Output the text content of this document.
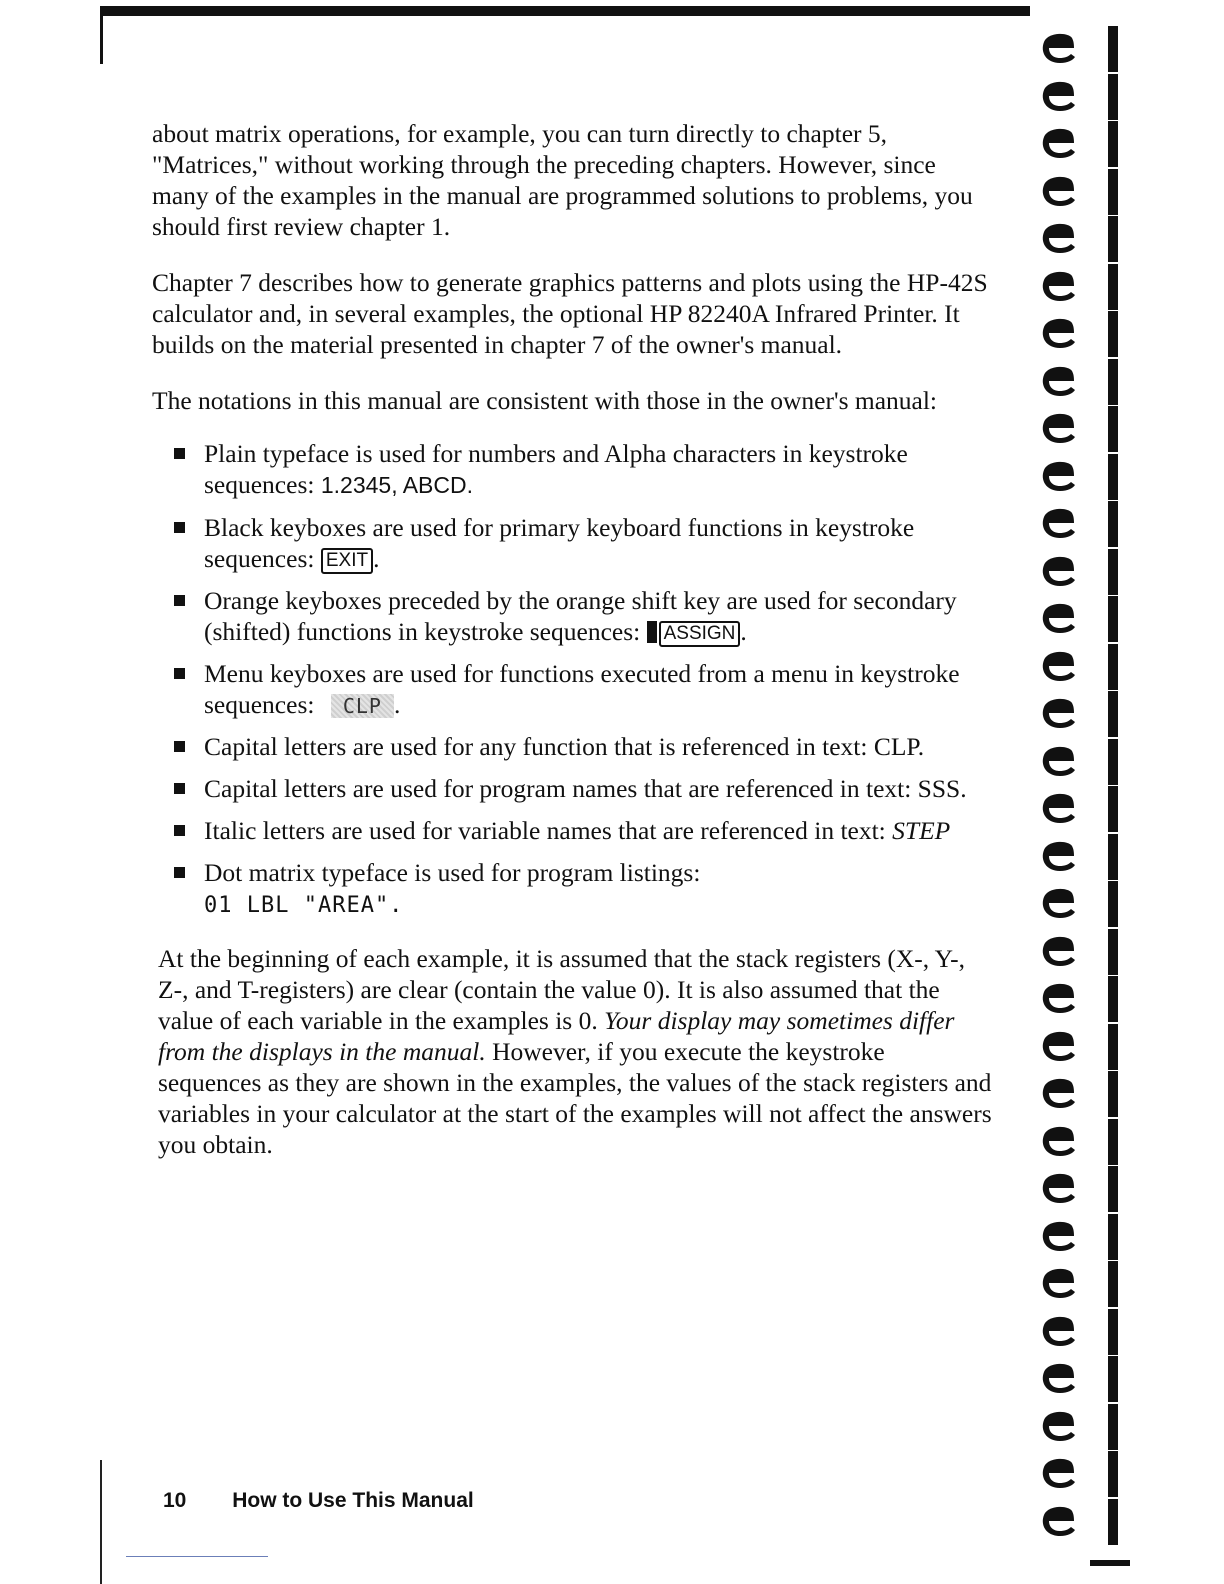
about matrix operations, for example, you can turn directly to chapter 5, "Matrices," without working through the preceding chapters. However, since many of the examples in the manual are programmed solutions to problems, you should first review chapter 1.

Chapter 7 describes how to generate graphics patterns and plots using the HP-42S calculator and, in several examples, the optional HP 82240A Infrared Printer. It builds on the material presented in chapter 7 of the owner's manual.

The notations in this manual are consistent with those in the owner's manual:

Plain typeface is used for numbers and Alpha characters in keystroke sequences: 1.2345, ABCD.
Black keyboxes are used for primary keyboard functions in keystroke sequences: EXIT .
Orange keyboxes preceded by the orange shift key are used for secondary (shifted) functions in keystroke sequences: ASSIGN .
Menu keyboxes are used for functions executed from a menu in keystroke sequences: CLP .
Capital letters are used for any function that is referenced in text: CLP.
Capital letters are used for program names that are referenced in text: SSS.
Italic letters are used for variable names that are referenced in text: STEP
Dot matrix typeface is used for program listings:
01 LBL "AREA".

At the beginning of each example, it is assumed that the stack registers (X-, Y-, Z-, and T-registers) are clear (contain the value 0). It is also assumed that the value of each variable in the examples is 0. Your display may sometimes differ from the displays in the manual. However, if you execute the keystroke sequences as they are shown in the examples, the values of the stack registers and variables in your calculator at the start of the examples will not affect the answers you obtain.

10 How to Use This Manual
